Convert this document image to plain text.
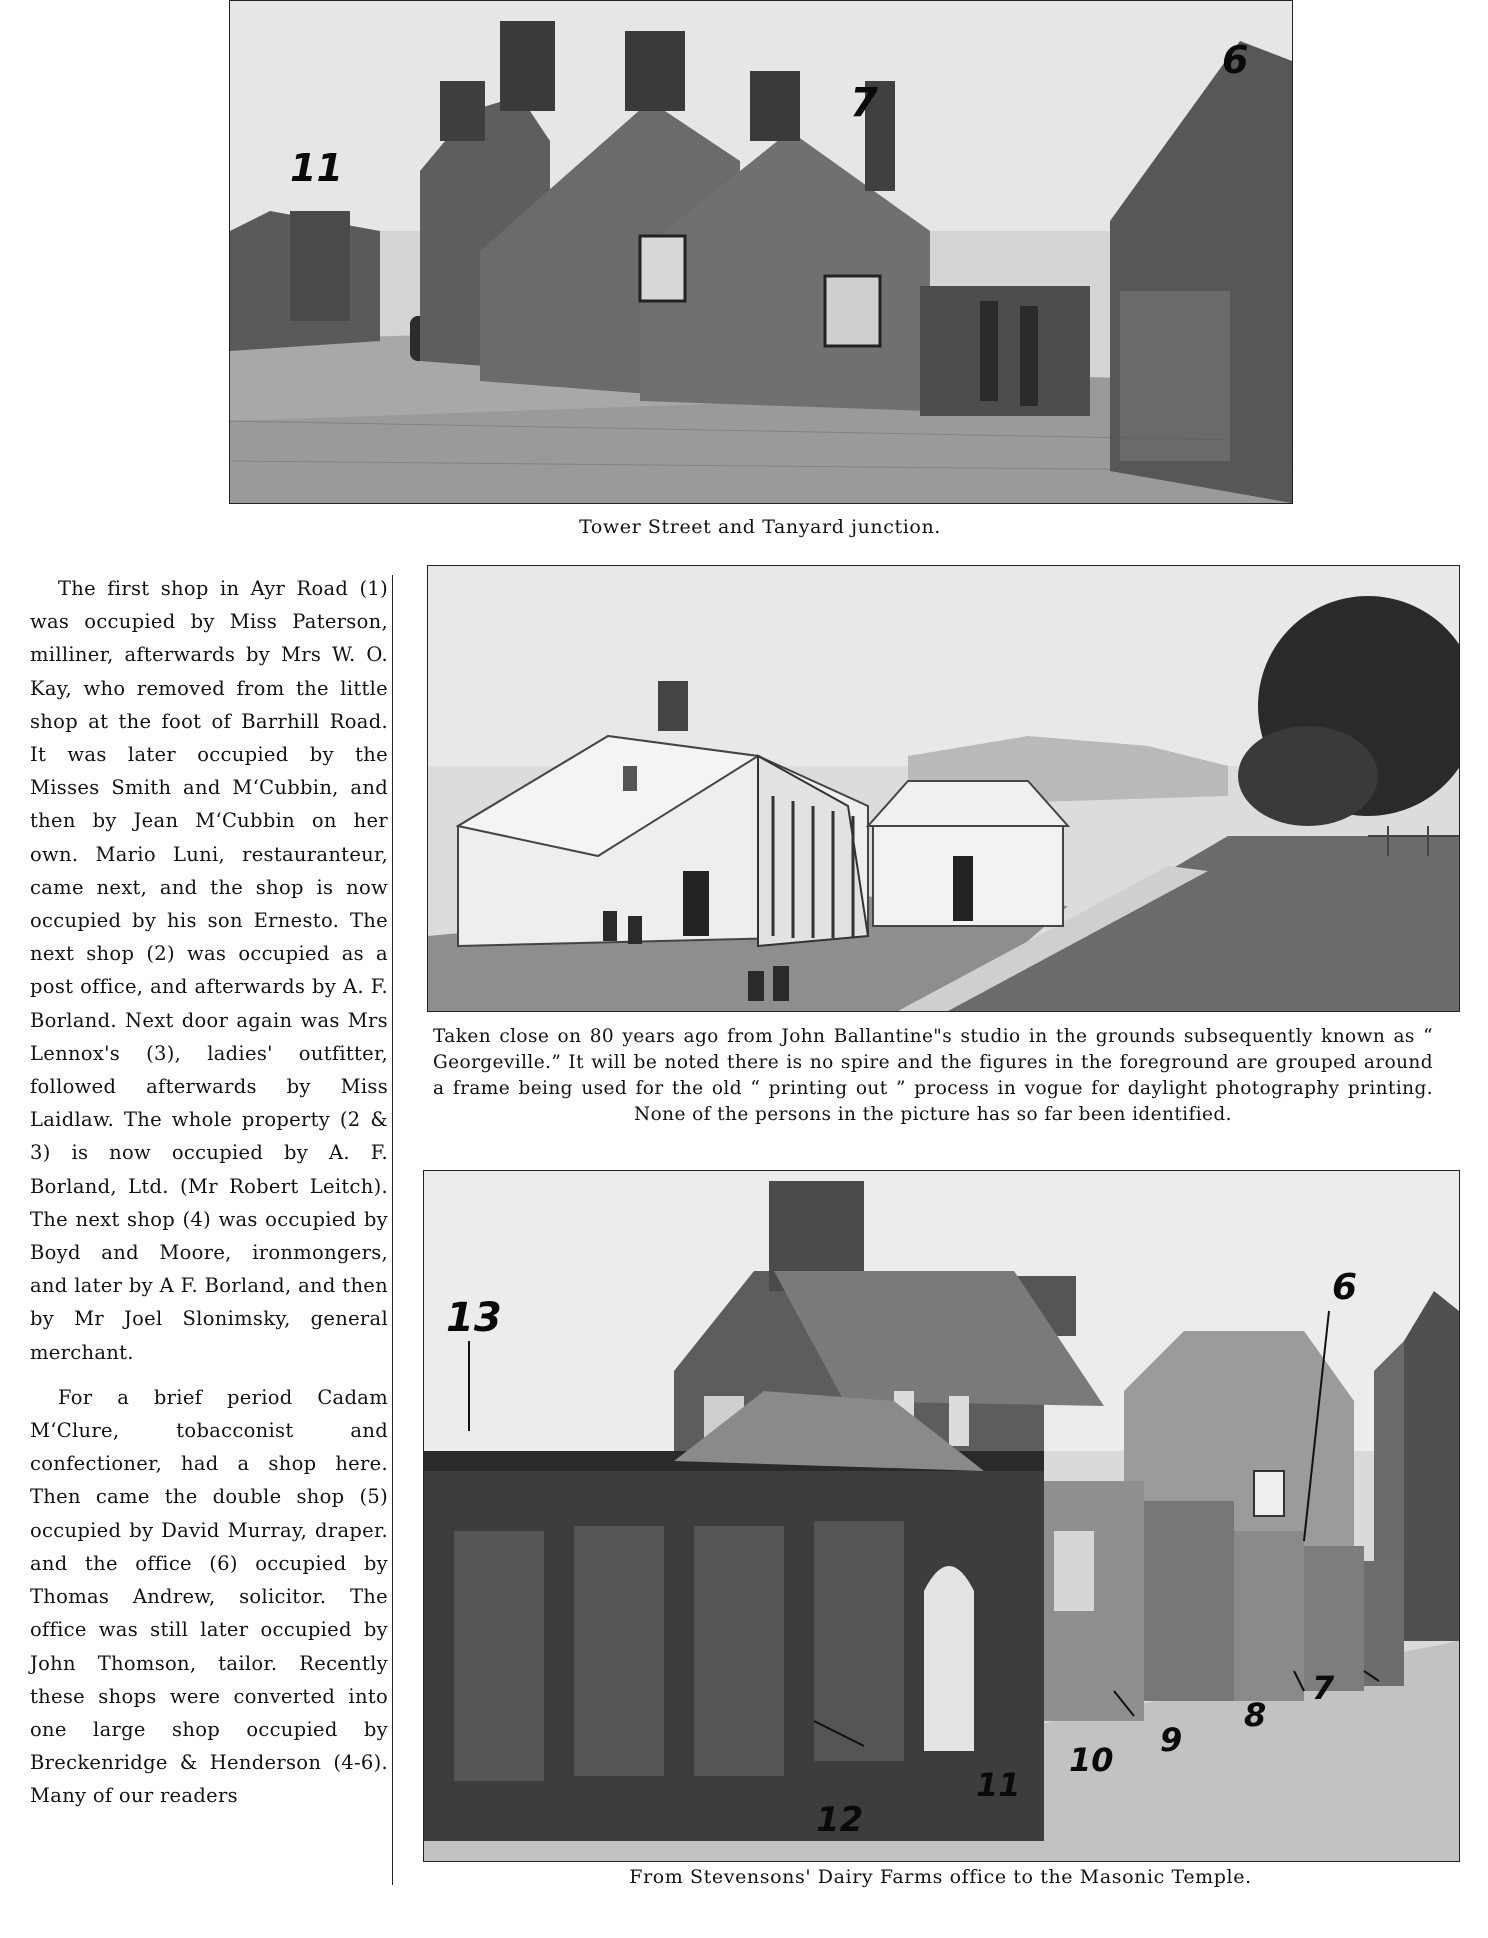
11
7
6
Tower Street and Tanyard junction.

The first shop in Ayr Road (1) was occupied by Miss Paterson, milliner, afterwards by Mrs W. O. Kay, who removed from the little shop at the foot of Barrhill Road. It was later occupied by the Misses Smith and M‘Cubbin, and then by Jean M‘Cubbin on her own. Mario Luni, restauranteur, came next, and the shop is now occupied by his son Ernesto. The next shop (2) was occupied as a post office, and afterwards by A. F. Borland. Next door again was Mrs Lennox's (3), ladies' outfitter, followed afterwards by Miss Laidlaw. The whole property (2 & 3) is now occupied by A. F. Borland, Ltd. (Mr Robert Leitch). The next shop (4) was occupied by Boyd and Moore, ironmongers, and later by A F. Borland, and then by Mr Joel Slonimsky, general merchant.

For a brief period Cadam M‘Clure, tobacconist and confectioner, had a shop here. Then came the double shop (5) occupied by David Murray, draper. and the office (6) occupied by Thomas Andrew, solicitor. The office was still later occupied by John Thomson, tailor. Recently these shops were converted into one large shop occupied by Breckenridge & Henderson (4-6). Many of our readers

Taken close on 80 years ago from John Ballantine"s studio in the grounds subsequently known as “ Georgeville.” It will be noted there is no spire and the figures in the foreground are grouped around a frame being used for the old “ printing out ” process in vogue for daylight photography printing. None of the persons in the picture has so far been identified.
13
6
12
11
10
9
8
7
From Stevensons' Dairy Farms office to the Masonic Temple.
